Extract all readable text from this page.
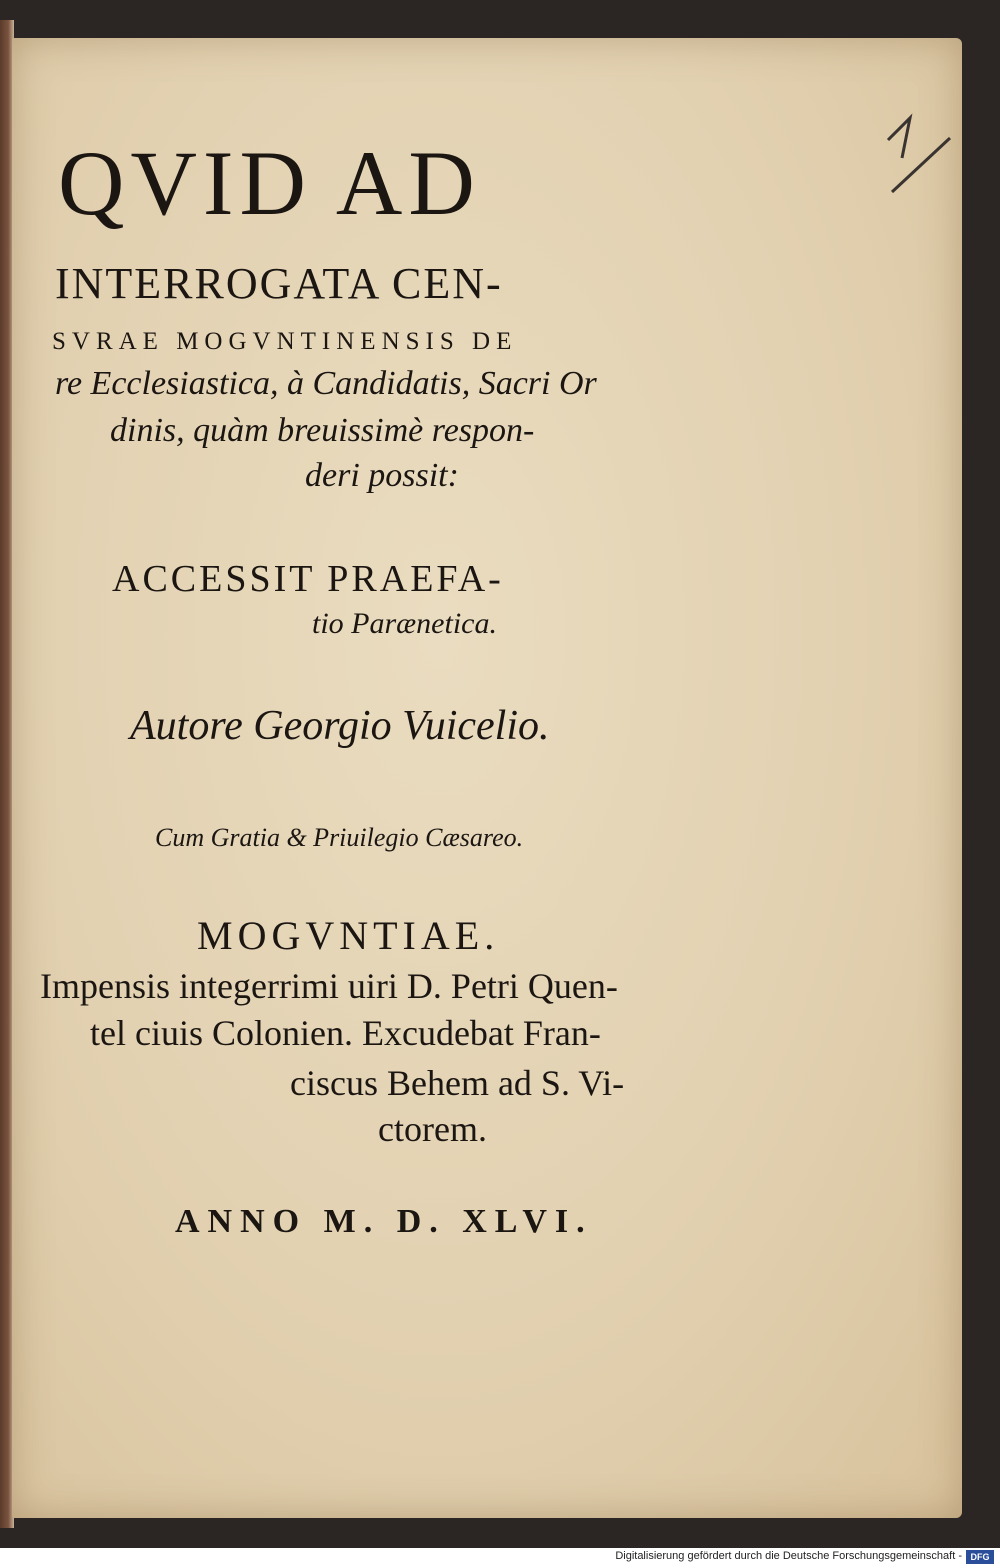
QVID AD
INTERROGATA CEN-
SVRAE MOGVNTINENSIS DE
re Ecclesiastica, à Candidatis, Sacri Or
dinis, quàm breuissimè respon-
deri possit:
ACCESSIT PRAEFA-
tio Parænetica.
Autore Georgio Vuicelio.
Cum Gratia & Priuilegio Cæsareo.
MOGVNTIAE.
Impensis integerrimi uiri D. Petri Quen-
tel ciuis Colonien. Excudebat Fran-
ciscus Behem ad S. Vi-
ctorem.
ANNO M. D. XLVI.
Digitalisierung gefördert durch die Deutsche Forschungsgemeinschaft - DFG
